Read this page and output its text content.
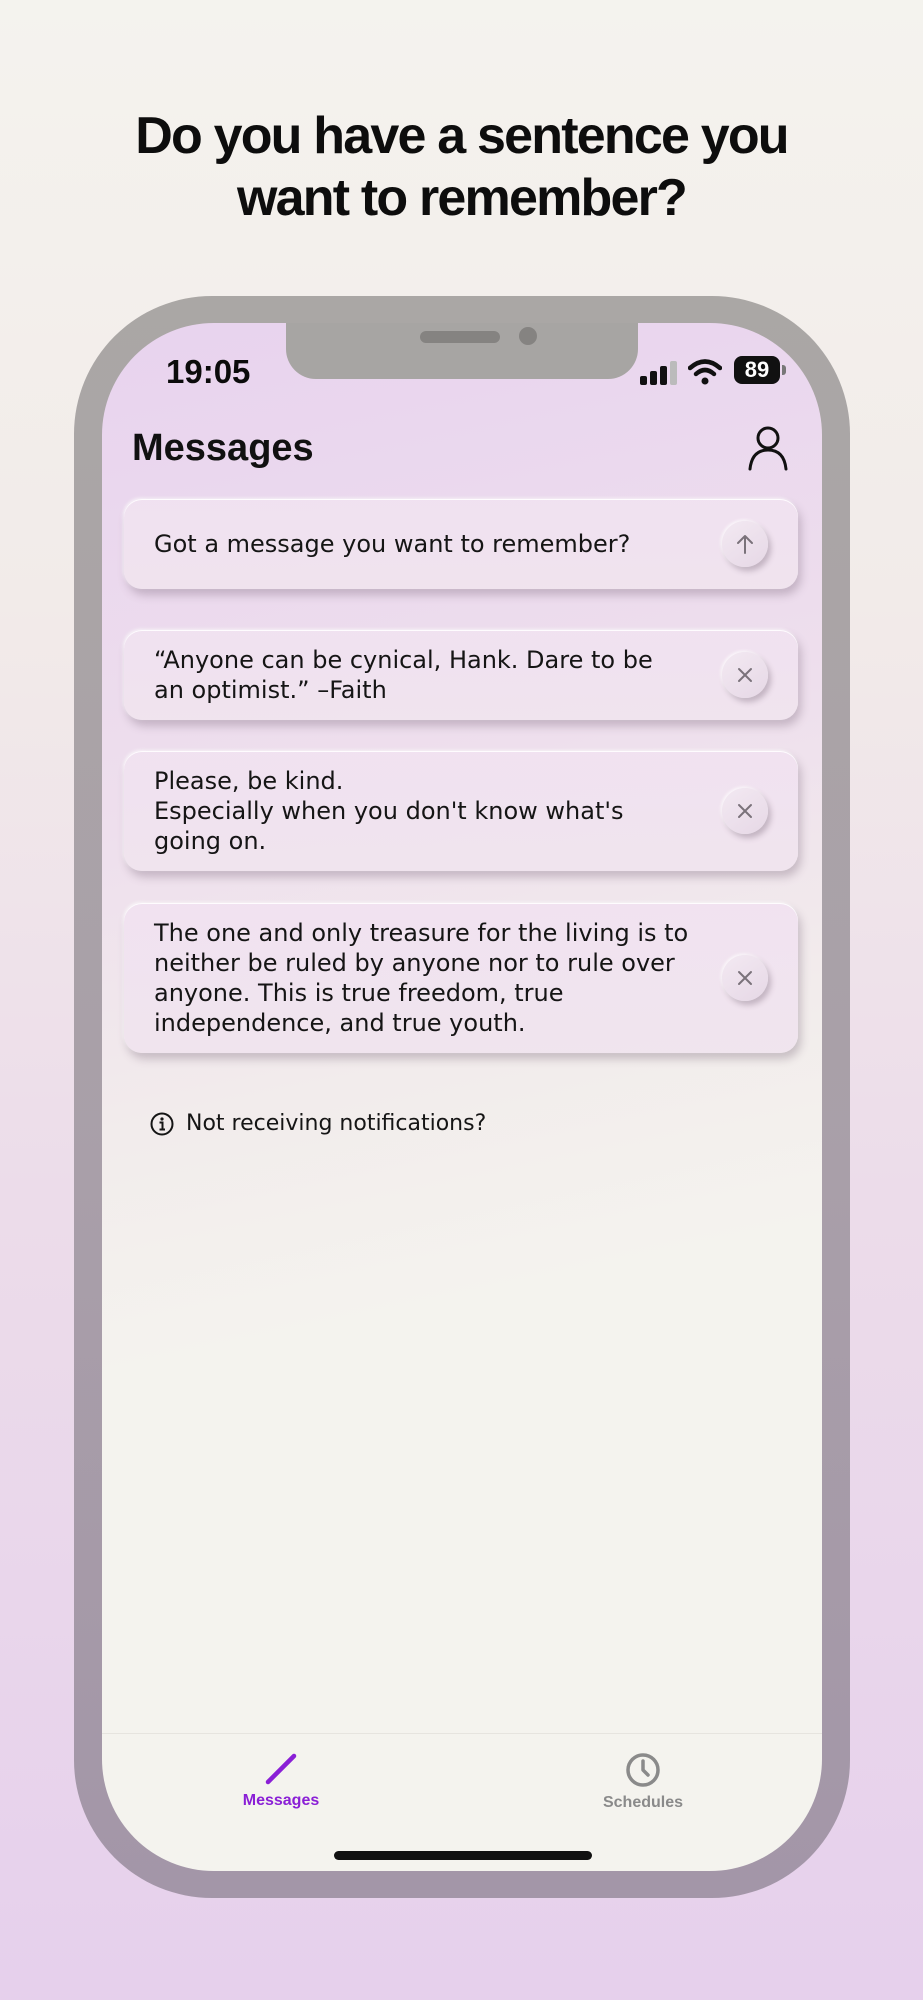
Do you have a sentence you
want to remember?
19:05	89
Messages
Got a message you want to remember?
“Anyone can be cynical, Hank. Dare to be an optimist.” –Faith
Please, be kind.
Especially when you don't know what's going on.
The one and only treasure for the living is to neither be ruled by anyone nor to rule over anyone. This is true freedom, true independence, and true youth.
Not receiving notifications?
Messages	Schedules
